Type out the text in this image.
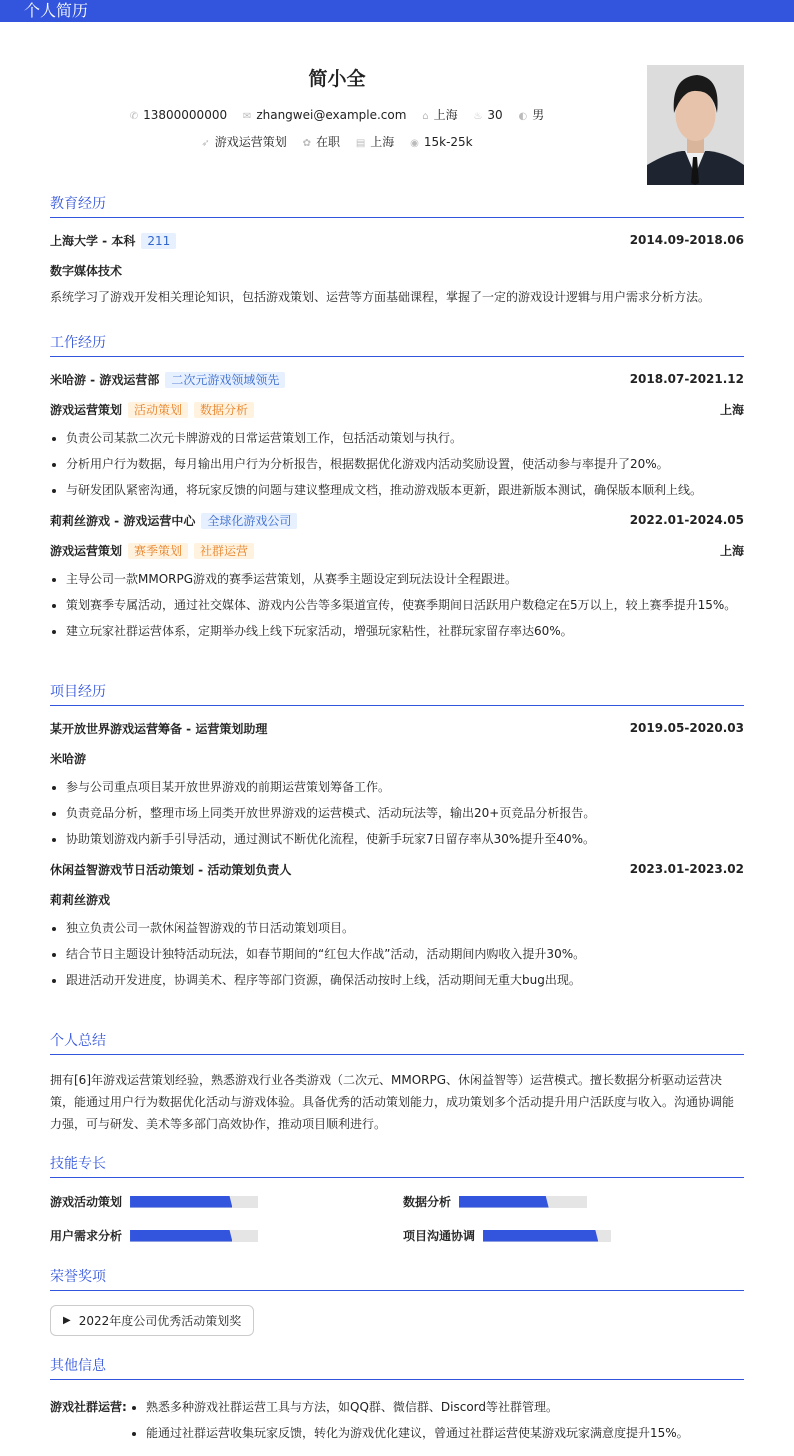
个人简历
简小全
✆ 13800000000 ✉ zhangwei@example.com ⌂ 上海 ♨ 30 ◐ 男
➶ 游戏运营策划 ✿ 在职 ▤ 上海 ◉ 15k-25k
教育经历
上海大学 - 本科 211	2014.09-2018.06
数字媒体技术
系统学习了游戏开发相关理论知识，包括游戏策划、运营等方面基础课程，掌握了一定的游戏设计逻辑与用户需求分析方法。
工作经历
米哈游 - 游戏运营部 二次元游戏领域领先	2018.07-2021.12
游戏运营策划 活动策划 数据分析	上海
负责公司某款二次元卡牌游戏的日常运营策划工作，包括活动策划与执行。
分析用户行为数据，每月输出用户行为分析报告，根据数据优化游戏内活动奖励设置，使活动参与率提升了20%。
与研发团队紧密沟通，将玩家反馈的问题与建议整理成文档，推动游戏版本更新，跟进新版本测试，确保版本顺利上线。
莉莉丝游戏 - 游戏运营中心 全球化游戏公司	2022.01-2024.05
游戏运营策划 赛季策划 社群运营	上海
主导公司一款MMORPG游戏的赛季运营策划，从赛季主题设定到玩法设计全程跟进。
策划赛季专属活动，通过社交媒体、游戏内公告等多渠道宣传，使赛季期间日活跃用户数稳定在5万以上，较上赛季提升15%。
建立玩家社群运营体系，定期举办线上线下玩家活动，增强玩家粘性，社群玩家留存率达60%。
项目经历
某开放世界游戏运营筹备 - 运营策划助理	2019.05-2020.03
米哈游
参与公司重点项目某开放世界游戏的前期运营策划筹备工作。
负责竞品分析，整理市场上同类开放世界游戏的运营模式、活动玩法等，输出20+页竞品分析报告。
协助策划游戏内新手引导活动，通过测试不断优化流程，使新手玩家7日留存率从30%提升至40%。
休闲益智游戏节日活动策划 - 活动策划负责人	2023.01-2023.02
莉莉丝游戏
独立负责公司一款休闲益智游戏的节日活动策划项目。
结合节日主题设计独特活动玩法，如春节期间的“红包大作战”活动，活动期间内购收入提升30%。
跟进活动开发进度，协调美术、程序等部门资源，确保活动按时上线，活动期间无重大bug出现。
个人总结
拥有[6]年游戏运营策划经验，熟悉游戏行业各类游戏（二次元、MMORPG、休闲益智等）运营模式。擅长数据分析驱动运营决策，能通过用户行为数据优化活动与游戏体验。具备优秀的活动策划能力，成功策划多个活动提升用户活跃度与收入。沟通协调能力强，可与研发、美术等多部门高效协作，推动项目顺利进行。
技能专长
游戏活动策划	数据分析
用户需求分析	项目沟通协调
荣誉奖项
▶ 2022年度公司优秀活动策划奖
其他信息
游戏社群运营:	熟悉多种游戏社群运营工具与方法，如QQ群、微信群、Discord等社群管理。
能通过社群运营收集玩家反馈，转化为游戏优化建议，曾通过社群运营使某游戏玩家满意度提升15%。
